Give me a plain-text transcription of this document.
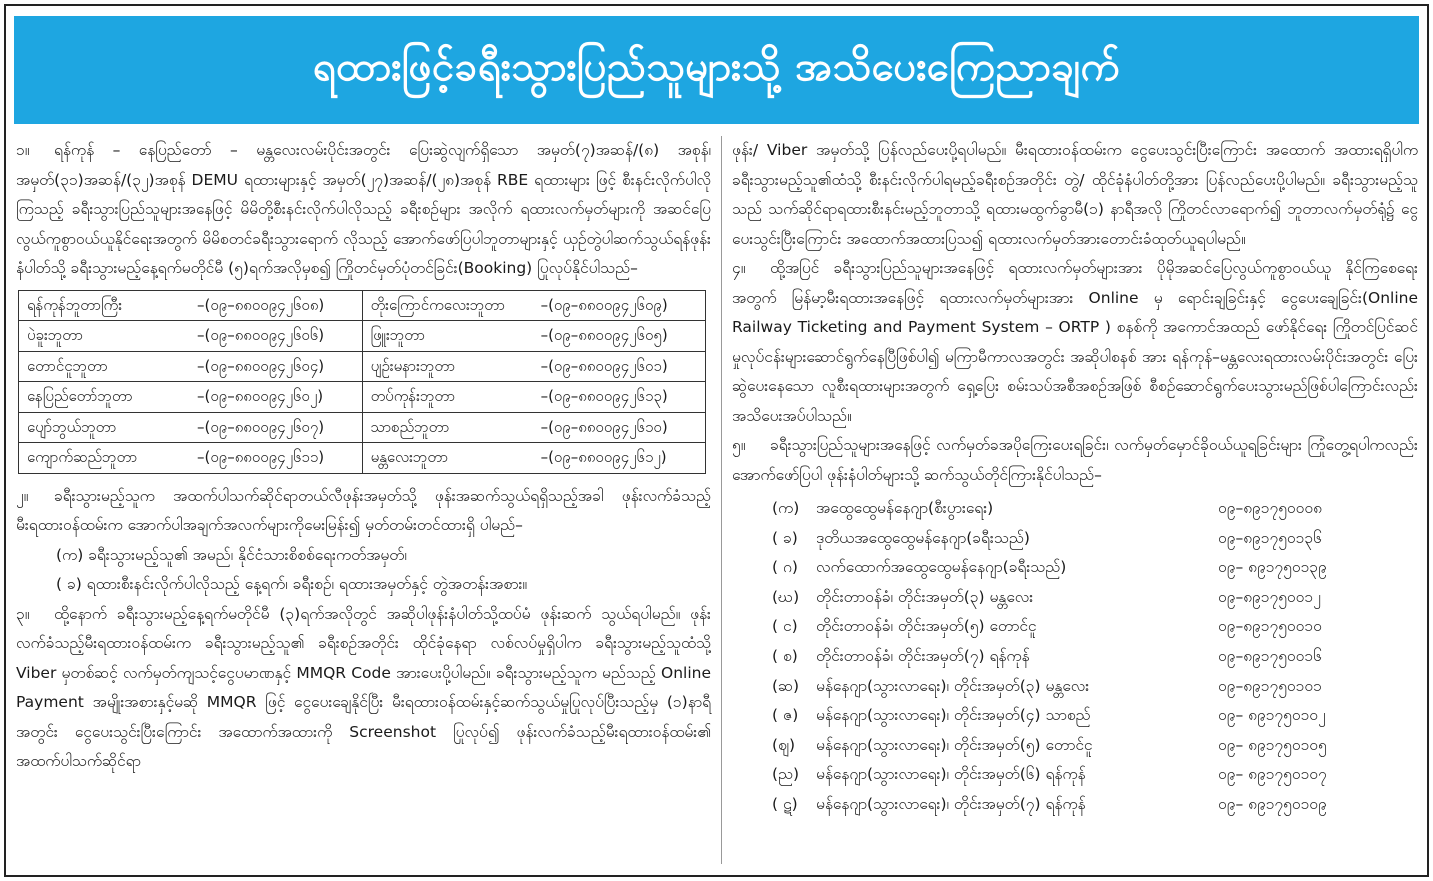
ရထားဖြင့်ခရီးသွားပြည်သူများသို့ အသိပေးကြေညာချက်

၁။ ရန်ကုန် – နေပြည်တော် – မန္တလေးလမ်းပိုင်းအတွင်း ပြေးဆွဲလျက်ရှိသော အမှတ်(၇)အဆန်/(၈) အစုန်၊ အမှတ်(၃၁)အဆန်/(၃၂)အစုန် DEMU ရထားများနှင့် အမှတ်(၂၇)အဆန်/(၂၈)အစုန် RBE ရထားများ ဖြင့် စီးနင်းလိုက်ပါလိုကြသည့် ခရီးသွားပြည်သူများအနေဖြင့် မိမိတို့စီးနင်းလိုက်ပါလိုသည့် ခရီးစဉ်များ အလိုက် ရထားလက်မှတ်များကို အဆင်ပြေလွယ်ကူစွာဝယ်ယူနိုင်ရေးအတွက် မိမိစတင်ခရီးသွားရောက် လိုသည့် အောက်ဖော်ပြပါဘူတာများနှင့် ယှဉ်တွဲပါဆက်သွယ်ရန်ဖုန်းနံပါတ်သို့ ခရီးသွားမည့်နေ့ရက်မတိုင်မီ (၅)ရက်အလိုမှစ၍ ကြိုတင်မှတ်ပုံတင်ခြင်း(Booking) ပြုလုပ်နိုင်ပါသည်–

ရန်ကုန်ဘူတာကြီး –(၀၉–၈၈၀၀၉၄၂၆၀၈)	တိုးကြောင်ကလေးဘူတာ –(၀၉–၈၈၀၀၉၄၂၆၀၉)
ပဲခူးဘူတာ –(၀၉–၈၈၀၀၉၄၂၆၀၆)	ဖြူးဘူတာ –(၀၉–၈၈၀၀၉၄၂၆၀၅)
တောင်ငူဘူတာ –(၀၉–၈၈၀၀၉၄၂၆၀၄)	ပျဉ်းမနားဘူတာ –(၀၉–၈၈၀၀၉၄၂၆၀၁)
နေပြည်တော်ဘူတာ –(၀၉–၈၈၀၀၉၄၂၆၀၂)	တပ်ကုန်းဘူတာ –(၀၉–၈၈၀၀၉၄၂၆၁၃)
ပျော်ဘွယ်ဘူတာ –(၀၉–၈၈၀၀၉၄၂၆၀၇)	သာစည်ဘူတာ –(၀၉–၈၈၀၀၉၄၂၆၁၀)
ကျောက်ဆည်ဘူတာ –(၀၉–၈၈၀၀၉၄၂၆၁၁)	မန္တလေးဘူတာ –(၀၉–၈၈၀၀၉၄၂၆၁၂)

၂။ ခရီးသွားမည့်သူက အထက်ပါသက်ဆိုင်ရာတယ်လီဖုန်းအမှတ်သို့ ဖုန်းအဆက်သွယ်ရရှိသည့်အခါ ဖုန်းလက်ခံသည့် မီးရထားဝန်ထမ်းက အောက်ပါအချက်အလက်များကိုမေးမြန်း၍ မှတ်တမ်းတင်ထားရှိ ပါမည်–

(က) ခရီးသွားမည့်သူ၏ အမည်၊ နိုင်ငံသားစိစစ်ရေးကတ်အမှတ်၊

( ခ) ရထားစီးနင်းလိုက်ပါလိုသည့် နေ့ရက်၊ ခရီးစဉ်၊ ရထားအမှတ်နှင့် တွဲအတန်းအစား။

၃။ ထို့နောက် ခရီးသွားမည့်နေ့ရက်မတိုင်မီ (၃)ရက်အလိုတွင် အဆိုပါဖုန်းနံပါတ်သို့ထပ်မံ ဖုန်းဆက် သွယ်ရပါမည်။ ဖုန်းလက်ခံသည့်မီးရထားဝန်ထမ်းက ခရီးသွားမည့်သူ၏ ခရီးစဉ်အတိုင်း ထိုင်ခုံနေရာ လစ်လပ်မှုရှိပါက ခရီးသွားမည့်သူထံသို့ Viber မှတစ်ဆင့် လက်မှတ်ကျသင့်ငွေပမာဏနှင့် MMQR Code အားပေးပို့ပါမည်။ ခရီးသွားမည့်သူက မည်သည့် Online Payment အမျိုးအစားနှင့်မဆို MMQR ဖြင့် ငွေပေးချေနိုင်ပြီး မီးရထားဝန်ထမ်းနှင့်ဆက်သွယ်မှုပြုလုပ်ပြီးသည့်မှ (၁)နာရီအတွင်း ငွေပေးသွင်းပြီးကြောင်း အထောက်အထားကို Screenshot ပြုလုပ်၍ ဖုန်းလက်ခံသည့်မီးရထားဝန်ထမ်း၏ အထက်ပါသက်ဆိုင်ရာ

ဖုန်း/ Viber အမှတ်သို့ ပြန်လည်ပေးပို့ရပါမည်။ မီးရထားဝန်ထမ်းက ငွေပေးသွင်းပြီးကြောင်း အထောက် အထားရရှိပါက ခရီးသွားမည့်သူ၏ထံသို့ စီးနင်းလိုက်ပါရမည့်ခရီးစဉ်အတိုင်း တွဲ/ ထိုင်ခုံနံပါတ်တို့အား ပြန်လည်ပေးပို့ပါမည်။ ခရီးသွားမည့်သူသည် သက်ဆိုင်ရာရထားစီးနင်းမည့်ဘူတာသို့ ရထားမထွက်ခွာမီ(၁) နာရီအလို ကြိုတင်လာရောက်၍ ဘူတာလက်မှတ်ရုံ၌ ငွေပေးသွင်းပြီးကြောင်း အထောက်အထားပြသ၍ ရထားလက်မှတ်အားတောင်းခံထုတ်ယူရပါမည်။

၄။ ထို့အပြင် ခရီးသွားပြည်သူများအနေဖြင့် ရထားလက်မှတ်များအား ပိုမိုအဆင်ပြေလွယ်ကူစွာဝယ်ယူ နိုင်ကြစေရေးအတွက် မြန်မာ့မီးရထားအနေဖြင့် ရထားလက်မှတ်များအား Online မှ ရောင်းချခြင်းနှင့် ငွေပေးချေခြင်း(Online Railway Ticketing and Payment System – ORTP ) စနစ်ကို အကောင်အထည် ဖော်နိုင်ရေး ကြိုတင်ပြင်ဆင်မှုလုပ်ငန်းများဆောင်ရွက်နေပြီဖြစ်ပါ၍ မကြာမီကာလအတွင်း အဆိုပါစနစ် အား ရန်ကုန်–မန္တလေးရထားလမ်းပိုင်းအတွင်း ပြေးဆွဲပေးနေသော လူစီးရထားများအတွက် ရှေ့ပြေး စမ်းသပ်အစီအစဉ်အဖြစ် စီစဉ်ဆောင်ရွက်ပေးသွားမည်ဖြစ်ပါကြောင်းလည်း အသိပေးအပ်ပါသည်။

၅။ ခရီးသွားပြည်သူများအနေဖြင့် လက်မှတ်ခအပိုကြေးပေးရခြင်း၊ လက်မှတ်မှောင်ခိုဝယ်ယူရခြင်းများ ကြုံတွေ့ရပါကလည်း အောက်ဖော်ပြပါ ဖုန်းနံပါတ်များသို့ ဆက်သွယ်တိုင်ကြားနိုင်ပါသည်–

(က)	အထွေထွေမန်နေဂျာ(စီးပွားရေး)	၀၉–၈၉၁၇၅၀၀၀၈
( ခ)	ဒုတိယအထွေထွေမန်နေဂျာ(ခရီးသည်)	၀၉–၈၉၁၇၅၀၁၃၆
( ဂ)	လက်ထောက်အထွေထွေမန်နေဂျာ(ခရီးသည်)	၀၉– ၈၉၁၇၅၀၁၃၉
(ဃ)	တိုင်းတာဝန်ခံ၊ တိုင်းအမှတ်(၃) မန္တလေး	၀၉–၈၉၁၇၅၀၀၁၂
( င)	တိုင်းတာဝန်ခံ၊ တိုင်းအမှတ်(၅) တောင်ငူ	၀၉–၈၉၁၇၅၀၀၁၀
( စ)	တိုင်းတာဝန်ခံ၊ တိုင်းအမှတ်(၇) ရန်ကုန်	၀၉–၈၉၁၇၅၀၀၁၆
(ဆ)	မန်နေဂျာ(သွားလာရေး)၊ တိုင်းအမှတ်(၃) မန္တလေး	၀၉–၈၉၁၇၅၀၁၀၁
( ဇ)	မန်နေဂျာ(သွားလာရေး)၊ တိုင်းအမှတ်(၄) သာစည်	၀၉– ၈၉၁၇၅၀၁၀၂
(ဈ)	မန်နေဂျာ(သွားလာရေး)၊ တိုင်းအမှတ်(၅) တောင်ငူ	၀၉– ၈၉၁၇၅၀၁၀၅
(ည)	မန်နေဂျာ(သွားလာရေး)၊ တိုင်းအမှတ်(၆) ရန်ကုန်	၀၉– ၈၉၁၇၅၀၁၀၇
( ဋ)	မန်နေဂျာ(သွားလာရေး)၊ တိုင်းအမှတ်(၇) ရန်ကုန်	၀၉– ၈၉၁၇၅၀၁၀၉
